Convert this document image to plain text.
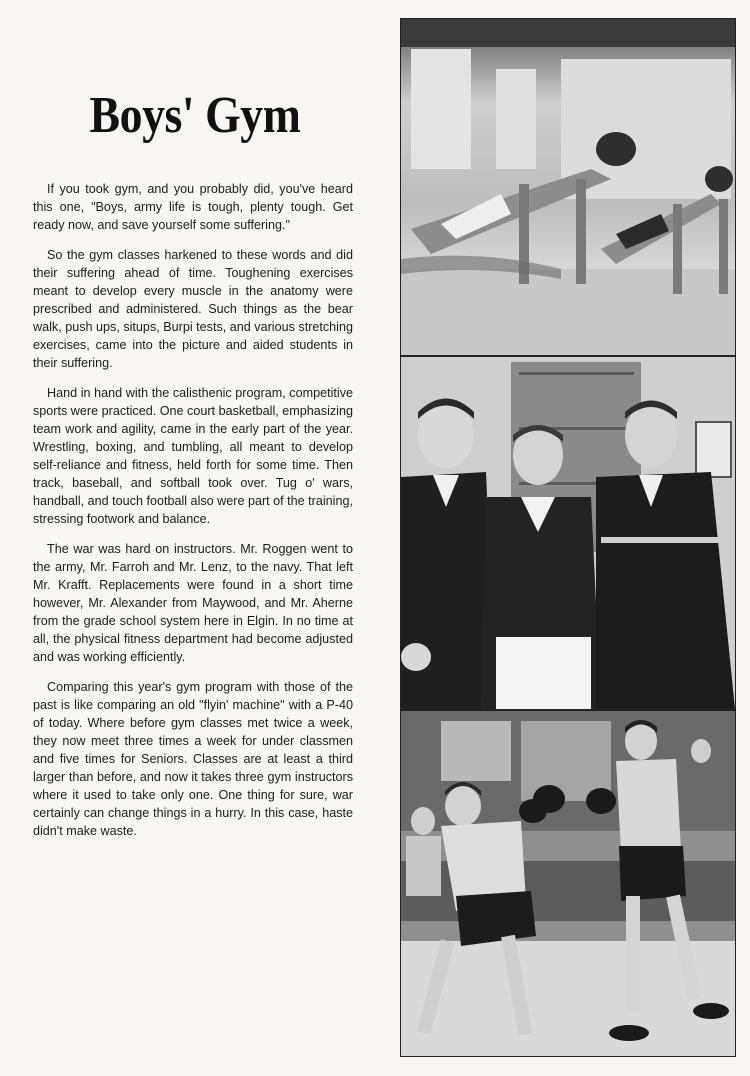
Boys' Gym

If you took gym, and you probably did, you've heard this one, "Boys, army life is tough, plenty tough. Get ready now, and save yourself some suffering."

So the gym classes harkened to these words and did their suffering ahead of time. Toughening exercises meant to develop every muscle in the anatomy were prescribed and administered. Such things as the bear walk, push ups, situps, Burpi tests, and various stretching exercises, came into the picture and aided students in their suffering.

Hand in hand with the calisthenic program, competitive sports were practiced. One court basketball, emphasizing team work and agility, came in the early part of the year. Wrestling, boxing, and tumbling, all meant to develop self-reliance and fitness, held forth for some time. Then track, baseball, and softball took over. Tug o' wars, handball, and touch football also were part of the training, stressing footwork and balance.

The war was hard on instructors. Mr. Roggen went to the army, Mr. Farroh and Mr. Lenz, to the navy. That left Mr. Krafft. Replacements were found in a short time however, Mr. Alexander from Maywood, and Mr. Aherne from the grade school system here in Elgin. In no time at all, the physical fitness department had become adjusted and was working efficiently.

Comparing this year's gym program with those of the past is like comparing an old "flyin' machine" with a P-40 of today. Where before gym classes met twice a week, they now meet three times a week for under classmen and five times for Seniors. Classes are at least a third larger than before, and now it takes three gym instructors where it used to take only one. One thing for sure, war certainly can change things in a hurry. In this case, haste didn't make waste.
